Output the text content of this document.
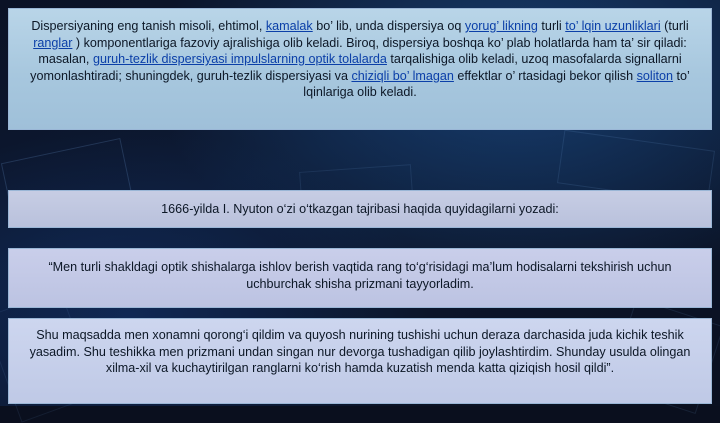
Dispersiyaning eng tanish misoli, ehtimol, kamalak bo’ lib, unda dispersiya oq yorug’ likning turli to’ lqin uzunliklari (turli ranglar ) komponentlariga fazoviy ajralishiga olib keladi. Biroq, dispersiya boshqa ko’ plab holatlarda ham ta’ sir qiladi: masalan, guruh-tezlik dispersiyasi impulslarning optik tolalarda tarqalishiga olib keladi, uzoq masofalarda signallarni yomonlashtiradi; shuningdek, guruh-tezlik dispersiyasi va chiziqli bo’ lmagan effektlar o’ rtasidagi bekor qilish soliton to’ lqinlariga olib keladi.

1666-yilda I. Nyuton o‘zi o‘tkazgan tajribasi haqida quyidagilarni yozadi:

“Men turli shakldagi optik shishalarga ishlov berish vaqtida rang to‘g‘risidagi ma’lum hodisalarni tekshirish uchun uchburchak shisha prizmani tayyorladim.

Shu maqsadda men xonamni qorong‘i qildim va quyosh nurining tushishi uchun deraza darchasida juda kichik teshik yasadim. Shu teshikka men prizmani undan singan nur devorga tushadigan qilib joylashtirdim. Shunday usulda olingan xilma-xil va kuchaytirilgan ranglarni ko‘rish hamda kuzatish menda katta qiziqish hosil qildi”.
